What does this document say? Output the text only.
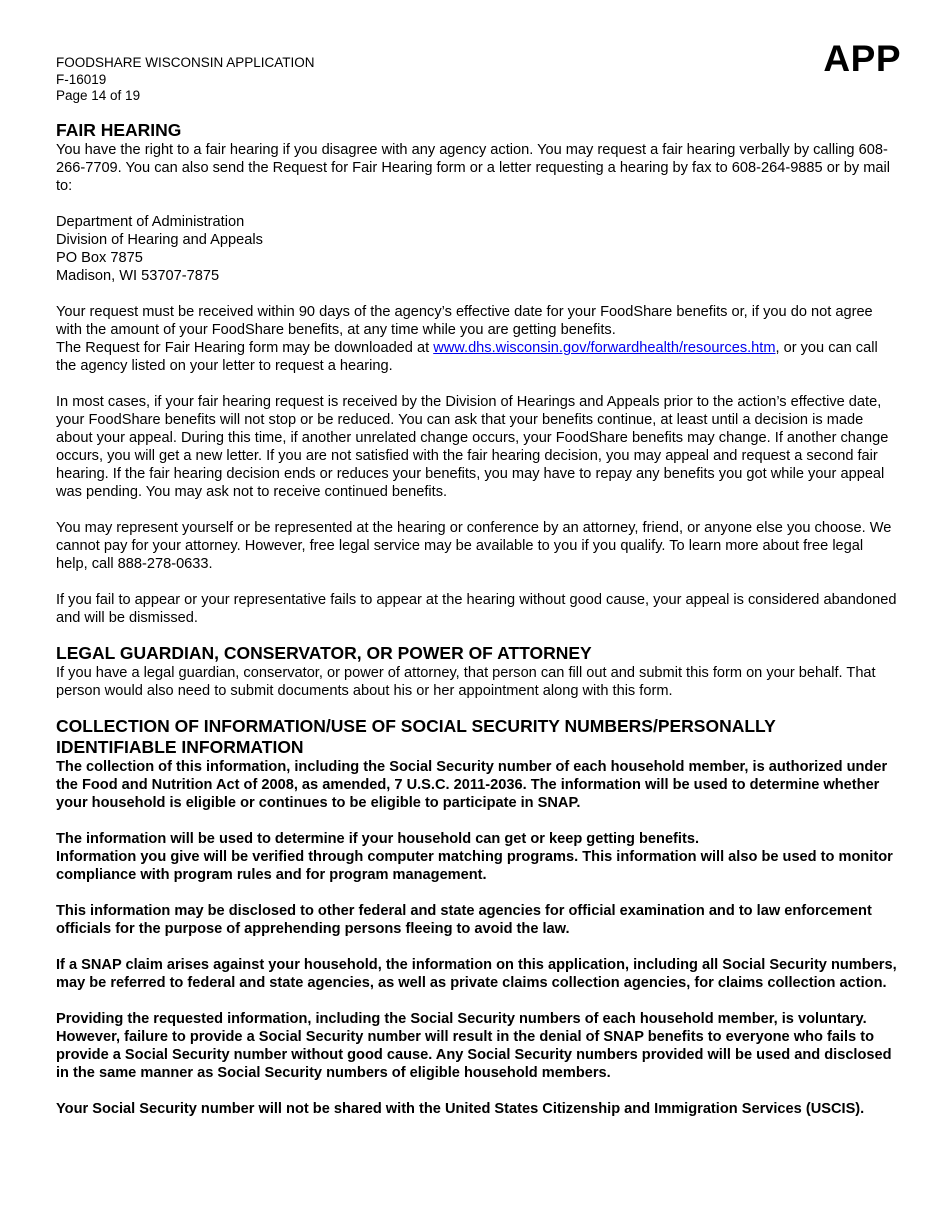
FOODSHARE WISCONSIN APPLICATION
F-16019
Page 14 of 19
APP
FAIR HEARING

You have the right to a fair hearing if you disagree with any agency action. You may request a fair hearing verbally by calling 608-266-7709. You can also send the Request for Fair Hearing form or a letter requesting a hearing by fax to 608-264-9885 or by mail to:

Department of Administration

Division of Hearing and Appeals

PO Box 7875

Madison, WI 53707-7875

Your request must be received within 90 days of the agency’s effective date for your FoodShare benefits or, if you do not agree with the amount of your FoodShare benefits, at any time while you are getting benefits.

The Request for Fair Hearing form may be downloaded at www.dhs.wisconsin.gov/forwardhealth/resources.htm, or you can call the agency listed on your letter to request a hearing.

In most cases, if your fair hearing request is received by the Division of Hearings and Appeals prior to the action’s effective date, your FoodShare benefits will not stop or be reduced. You can ask that your benefits continue, at least until a decision is made about your appeal. During this time, if another unrelated change occurs, your FoodShare benefits may change. If another change occurs, you will get a new letter. If you are not satisfied with the fair hearing decision, you may appeal and request a second fair hearing. If the fair hearing decision ends or reduces your benefits, you may have to repay any benefits you got while your appeal was pending. You may ask not to receive continued benefits.

You may represent yourself or be represented at the hearing or conference by an attorney, friend, or anyone else you choose. We cannot pay for your attorney. However, free legal service may be available to you if you qualify. To learn more about free legal help, call 888-278-0633.

If you fail to appear or your representative fails to appear at the hearing without good cause, your appeal is considered abandoned and will be dismissed.

LEGAL GUARDIAN, CONSERVATOR, OR POWER OF ATTORNEY

If you have a legal guardian, conservator, or power of attorney, that person can fill out and submit this form on your behalf. That person would also need to submit documents about his or her appointment along with this form.

COLLECTION OF INFORMATION/USE OF SOCIAL SECURITY NUMBERS/PERSONALLY IDENTIFIABLE INFORMATION

The collection of this information, including the Social Security number of each household member, is authorized under the Food and Nutrition Act of 2008, as amended, 7 U.S.C. 2011-2036. The information will be used to determine whether your household is eligible or continues to be eligible to participate in SNAP.

The information will be used to determine if your household can get or keep getting benefits.

Information you give will be verified through computer matching programs. This information will also be used to monitor compliance with program rules and for program management.

This information may be disclosed to other federal and state agencies for official examination and to law enforcement officials for the purpose of apprehending persons fleeing to avoid the law.

If a SNAP claim arises against your household, the information on this application, including all Social Security numbers, may be referred to federal and state agencies, as well as private claims collection agencies, for claims collection action.

Providing the requested information, including the Social Security numbers of each household member, is voluntary. However, failure to provide a Social Security number will result in the denial of SNAP benefits to everyone who fails to provide a Social Security number without good cause. Any Social Security numbers provided will be used and disclosed in the same manner as Social Security numbers of eligible household members.

Your Social Security number will not be shared with the United States Citizenship and Immigration Services (USCIS).
